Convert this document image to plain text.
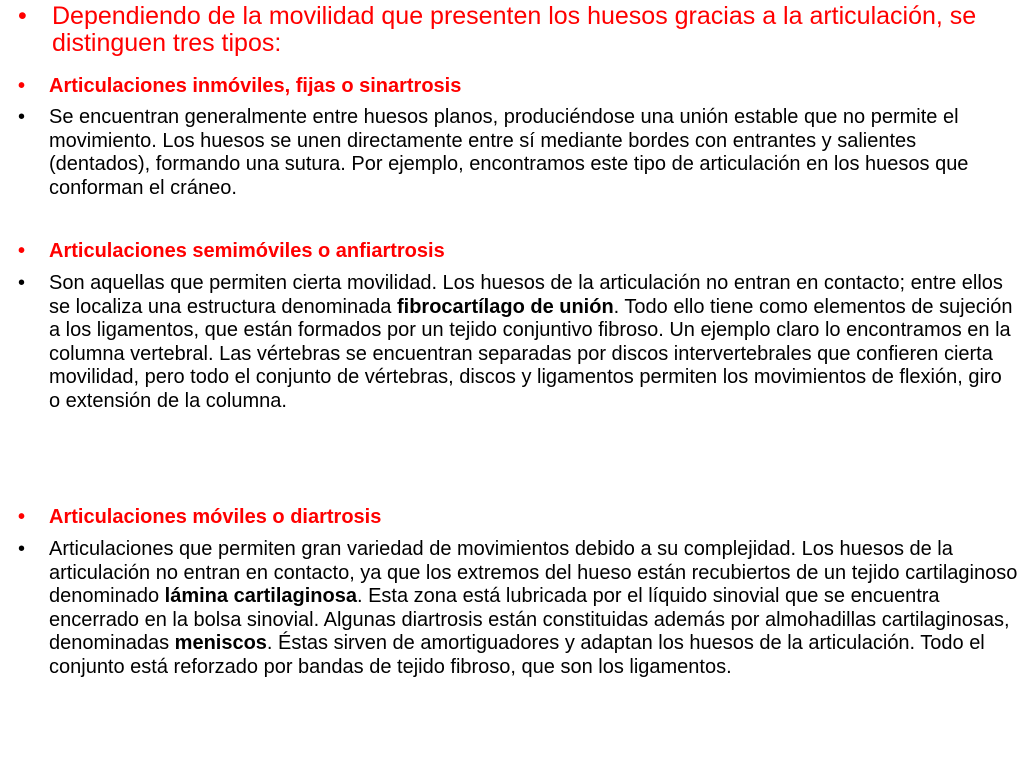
•	Dependiendo de la movilidad que presenten los huesos gracias a la articulación, se distinguen tres tipos:
•	Articulaciones inmóviles, fijas o sinartrosis
•	Se encuentran generalmente entre huesos planos, produciéndose una unión estable que no permite el movimiento. Los huesos se unen directamente entre sí mediante bordes con entrantes y salientes (dentados), formando una sutura. Por ejemplo, encontramos este tipo de articulación en los huesos que conforman el cráneo.
•	Articulaciones semimóviles o anfiartrosis
•	Son aquellas que permiten cierta movilidad. Los huesos de la articulación no entran en contacto; entre ellos se localiza una estructura denominada fibrocartílago de unión. Todo ello tiene como elementos de sujeción a los ligamentos, que están formados por un tejido conjuntivo fibroso. Un ejemplo claro lo encontramos en la columna vertebral. Las vértebras se encuentran separadas por discos intervertebrales que confieren cierta movilidad, pero todo el conjunto de vértebras, discos y ligamentos permiten los movimientos de flexión, giro o extensión de la columna.
•	Articulaciones móviles o diartrosis
•	Articulaciones que permiten gran variedad de movimientos debido a su complejidad. Los huesos de la articulación no entran en contacto, ya que los extremos del hueso están recubiertos de un tejido cartilaginoso denominado lámina cartilaginosa. Esta zona está lubricada por el líquido sinovial que se encuentra encerrado en la bolsa sinovial. Algunas diartrosis están constituidas además por almohadillas cartilaginosas, denominadas meniscos. Éstas sirven de amortiguadores y adaptan los huesos de la articulación. Todo el conjunto está reforzado por bandas de tejido fibroso, que son los ligamentos.
